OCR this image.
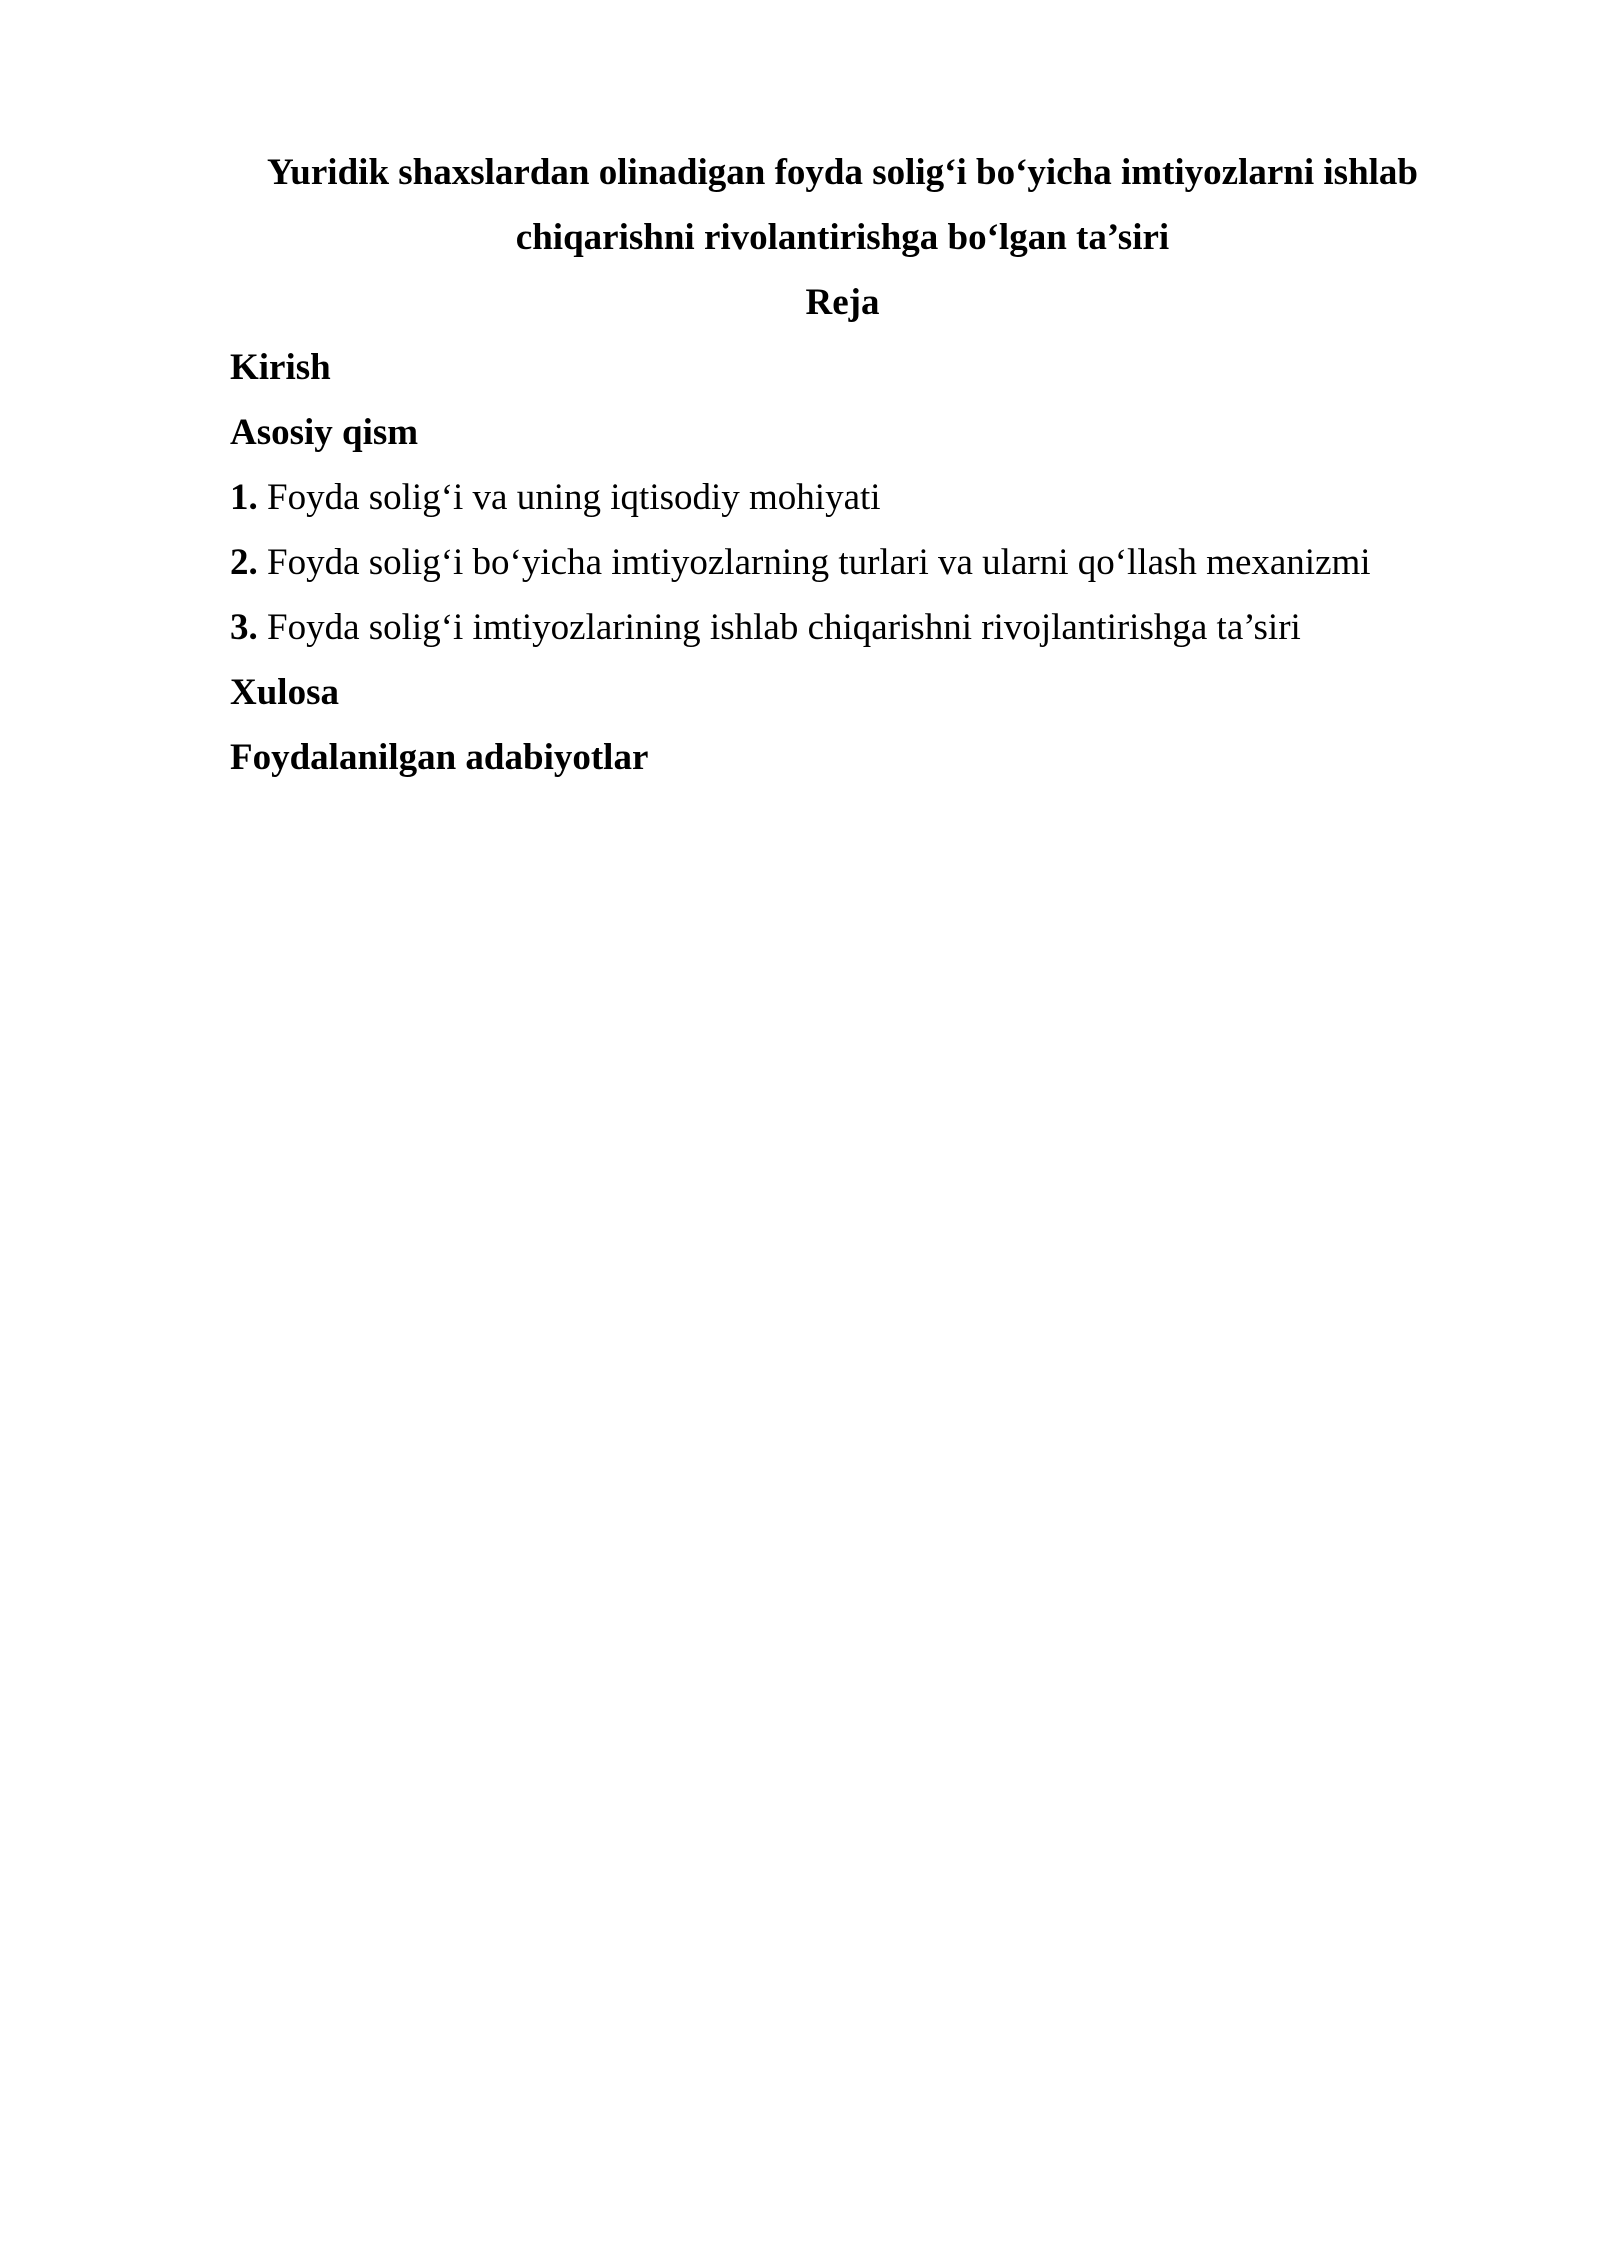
Yuridik shaxslardan olinadigan foyda solig‘i bo‘yicha imtiyozlarni ishlab
chiqarishni rivolantirishga bo‘lgan ta’siri

Reja

Kirish

Asosiy qism

1. Foyda solig‘i va uning iqtisodiy mohiyati

2. Foyda solig‘i bo‘yicha imtiyozlarning turlari va ularni qo‘llash mexanizmi

3. Foyda solig‘i imtiyozlarining ishlab chiqarishni rivojlantirishga ta’siri

Xulosa

Foydalanilgan adabiyotlar
